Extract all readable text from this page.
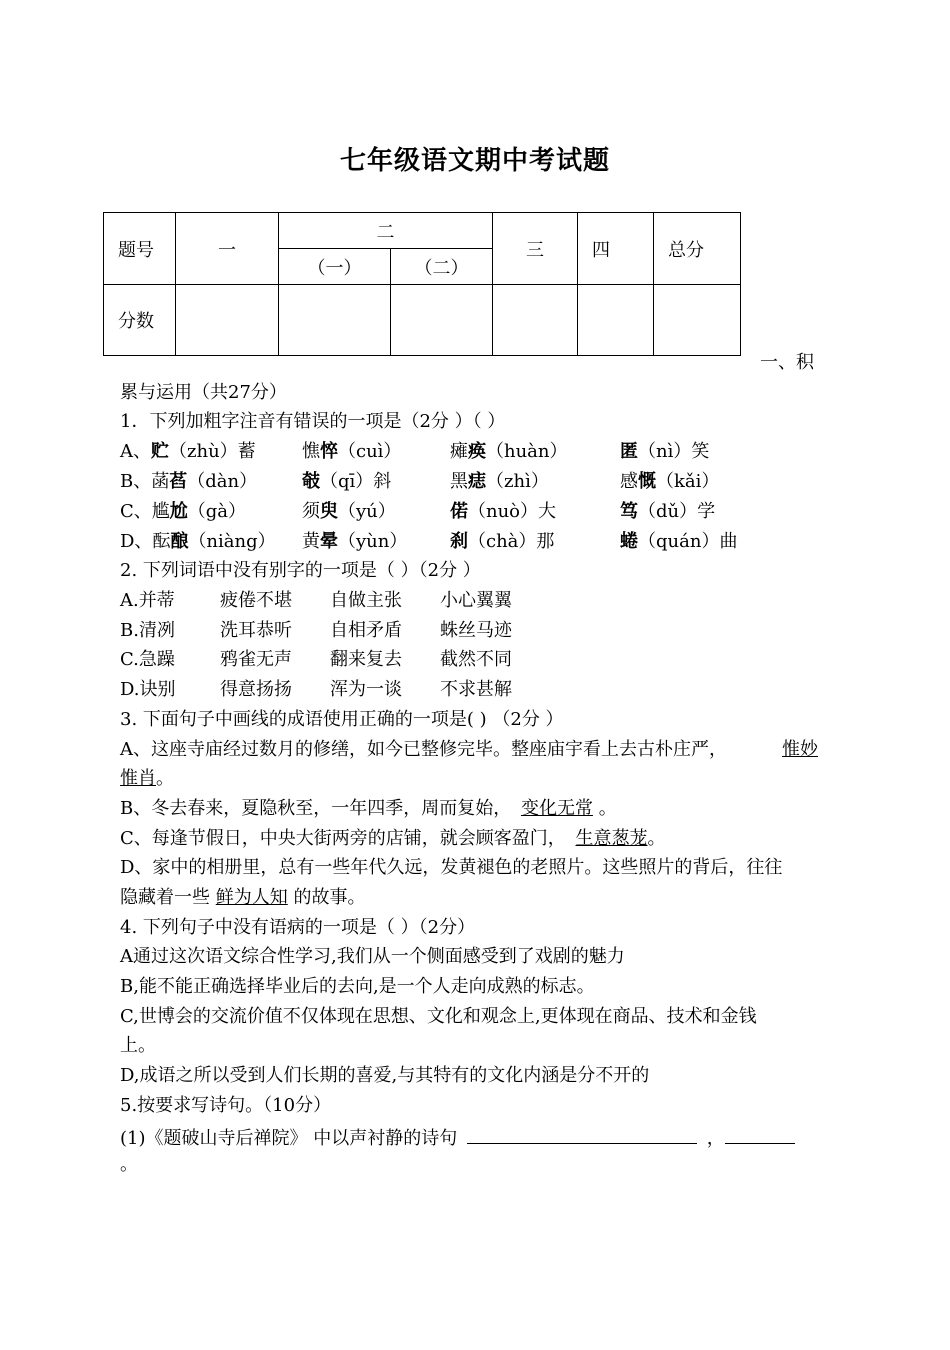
七年级语文期中考试题
题号	一	二		三	四	总分
		（一）	（二）			
分数						
一、积
累与运用（共27分）
1．下列加粗字注音有错误的一项是（2分 ）（ ）
A、贮（zhù）蓄	憔悴（cuì）	瘫痪（huàn）	匿（nì）笑
B、菡萏（dàn） 攲（qī）斜	黑痣（zhì）	感慨（kǎi）
C、尴尬（gà）	须臾（yú）	偌（nuò）大	笃（dǔ）学
D、酝酿（niàng） 黄晕（yùn） 刹（chà）那	蜷（quán）曲
2. 下列词语中没有别字的一项是（ ）（2分 ）
A.并蒂	疲倦不堪 自做主张 小心翼翼
B.清冽	洗耳恭听 自相矛盾 蛛丝马迹
C.急躁	鸦雀无声 翻来复去 截然不同
D.诀别 得意扬扬 浑为一谈 不求甚解
3. 下面句子中画线的成语使用正确的一项是( ) （2分 ）
A、这座寺庙经过数月的修缮，如今已整修完毕。整座庙宇看上去古朴庄严，	惟妙
惟肖。
B、冬去春来，夏隐秋至，一年四季，周而复始， 变化无常 。
C、每逢节假日，中央大街两旁的店铺，就会顾客盈门， 生意葱茏。
D、家中的相册里，总有一些年代久远，发黄褪色的老照片。这些照片的背后，往往
隐藏着一些 鲜为人知 的故事。
4. 下列句子中没有语病的一项是（ ）（2分）
A通过这次语文综合性学习,我们从一个侧面感受到了戏剧的魅力
B,能不能正确选择毕业后的去向,是一个人走向成熟的标志。
C,世博会的交流价值不仅体现在思想、文化和观念上,更体现在商品、技术和金钱
上。
D,成语之所以受到人们长期的喜爱,与其特有的文化内涵是分不开的
5.按要求写诗句。（10分）
(1)《题破山寺后禅院》 中以声衬静的诗句	，
。
